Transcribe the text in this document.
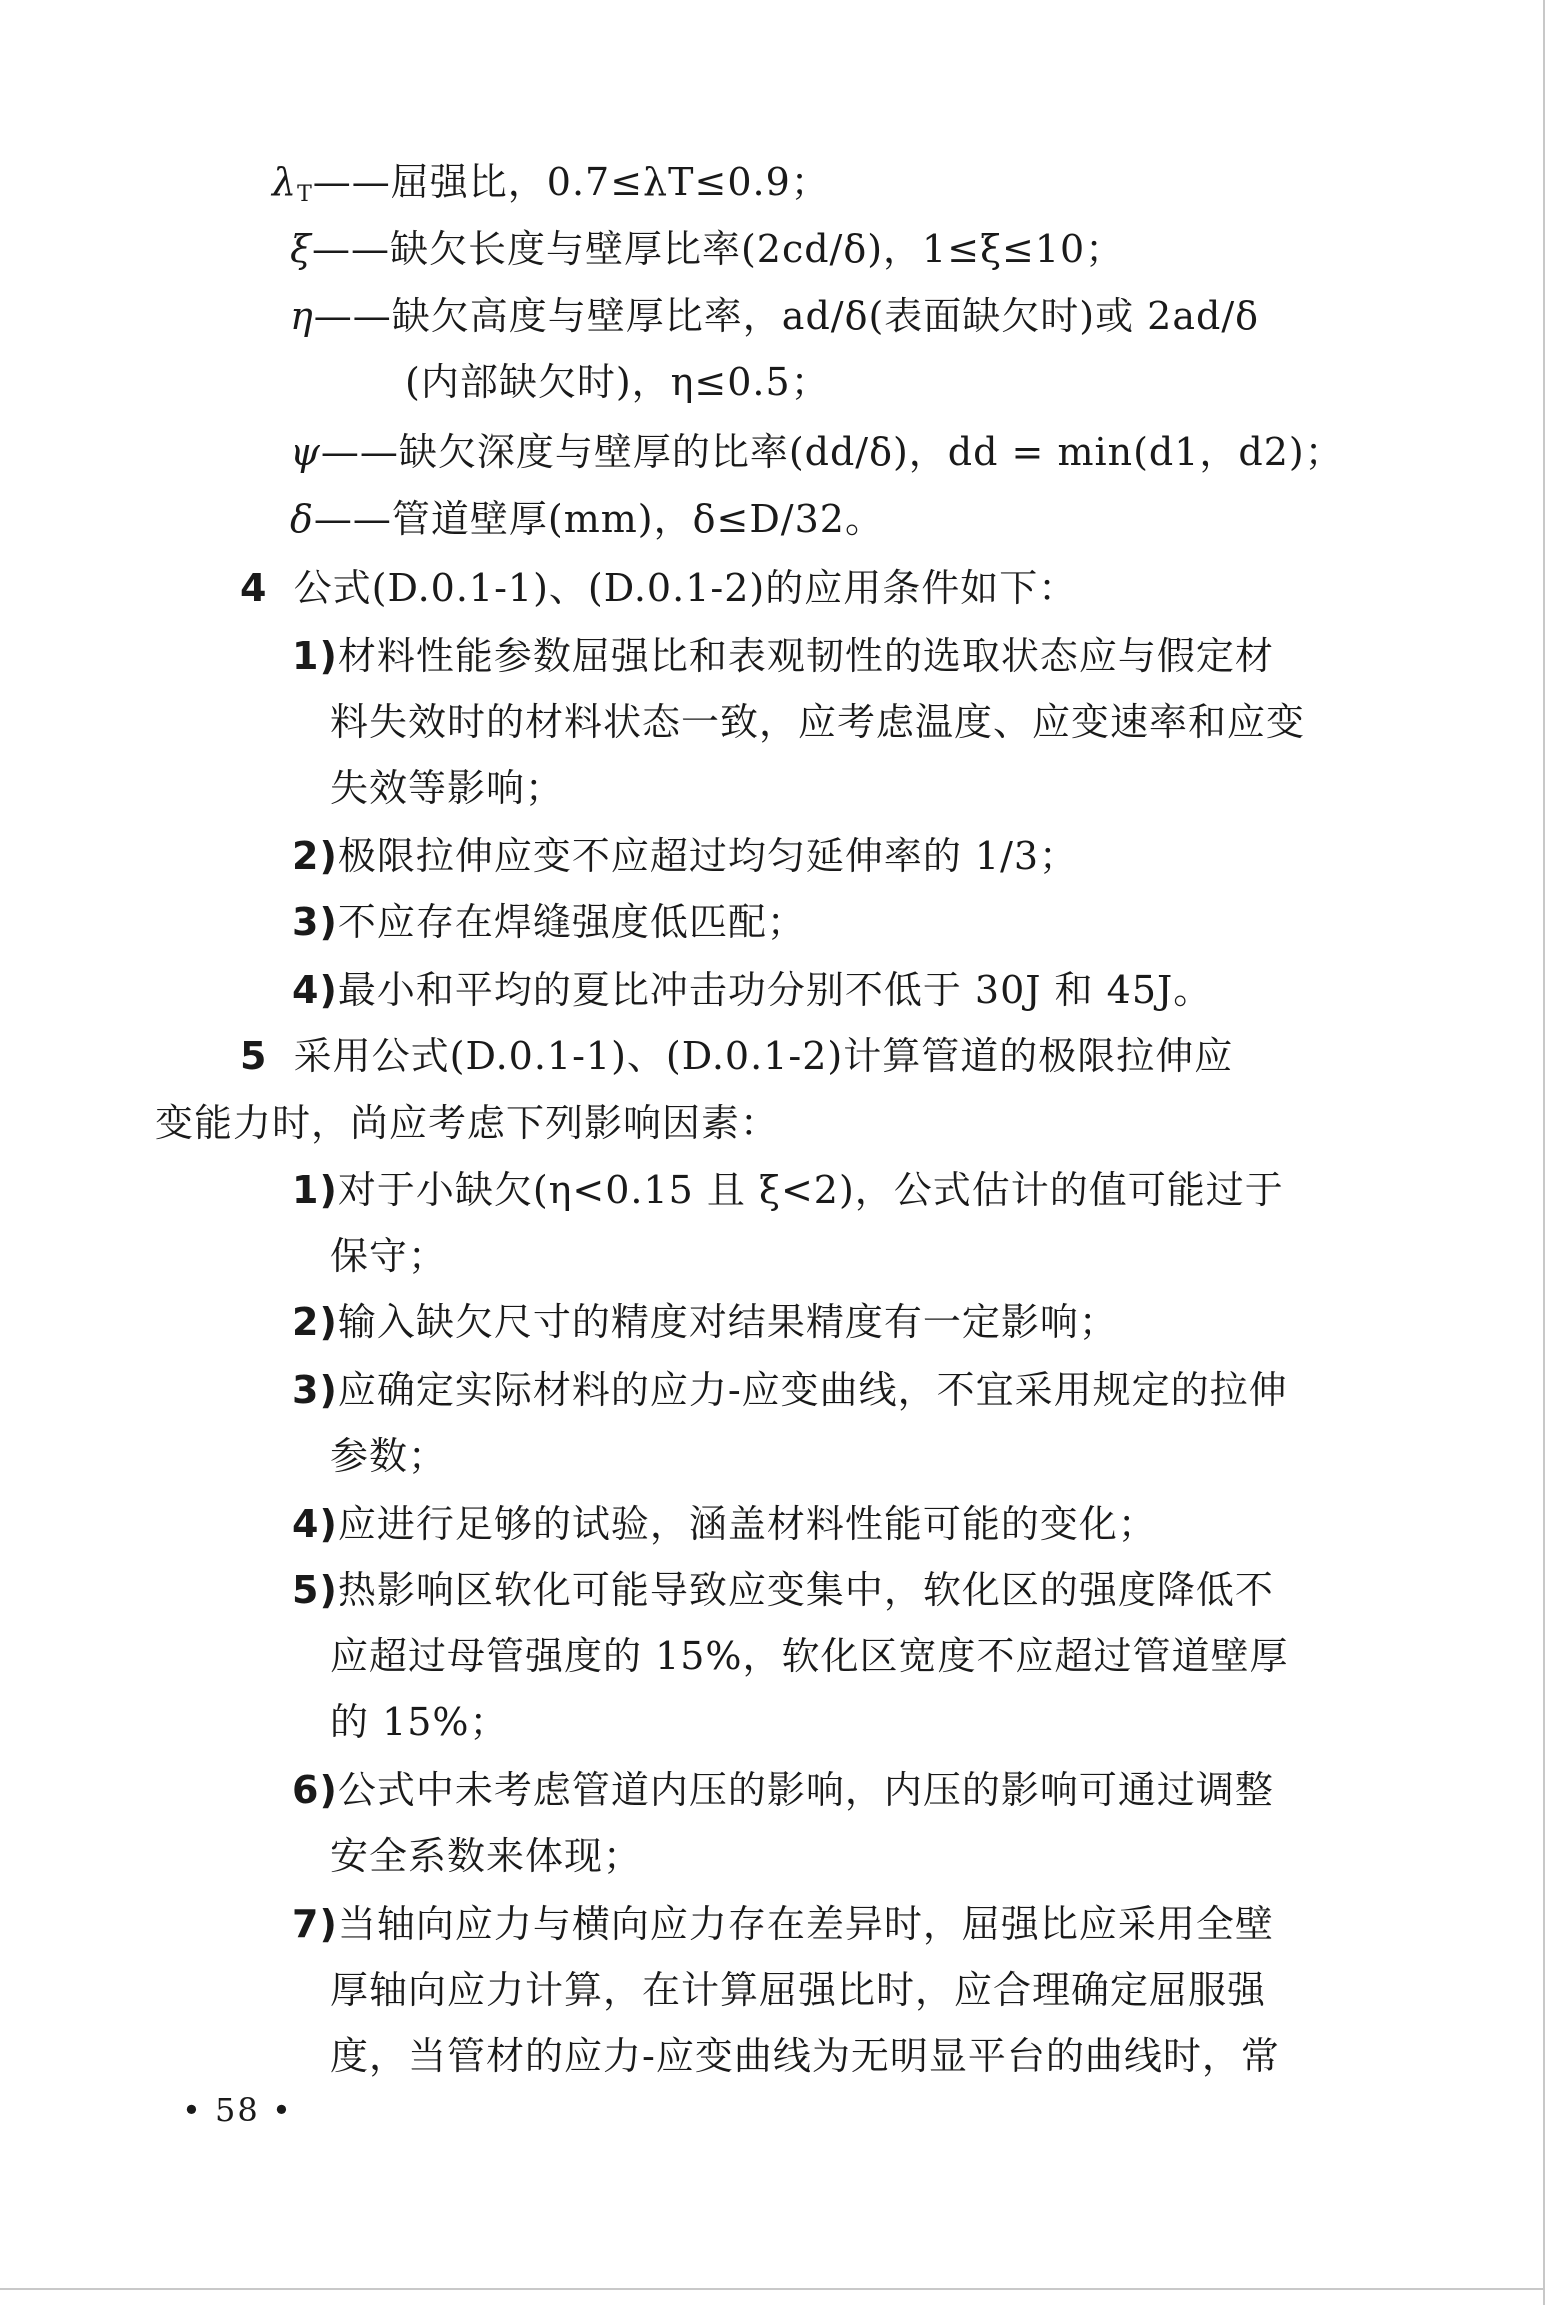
$\lambda_T——$屈强比，0.7≤λT≤0.9；
ξ——缺欠长度与壁厚比率(2cd/δ)，1≤ξ≤10；
η——缺欠高度与壁厚比率，ad/δ(表面缺欠时)或 2ad/δ
(内部缺欠时)，η≤0.5；
ψ——缺欠深度与壁厚的比率(dd/δ)，dd = min(d1，d2)；
δ——管道壁厚(mm)，δ≤D/32。
4 公式(D.0.1-1)、(D.0.1-2)的应用条件如下：
1)材料性能参数屈强比和表观韧性的选取状态应与假定材
料失效时的材料状态一致，应考虑温度、应变速率和应变
失效等影响；
2)极限拉伸应变不应超过均匀延伸率的 1/3；
3)不应存在焊缝强度低匹配；
4)最小和平均的夏比冲击功分别不低于 30J 和 45J。
5 采用公式(D.0.1-1)、(D.0.1-2)计算管道的极限拉伸应
变能力时，尚应考虑下列影响因素：
1)对于小缺欠(η<0.15 且 ξ<2)，公式估计的值可能过于
保守；
2)输入缺欠尺寸的精度对结果精度有一定影响；
3)应确定实际材料的应力-应变曲线，不宜采用规定的拉伸
参数；
4)应进行足够的试验，涵盖材料性能可能的变化；
5)热影响区软化可能导致应变集中，软化区的强度降低不
应超过母管强度的 15%，软化区宽度不应超过管道壁厚
的 15%；
6)公式中未考虑管道内压的影响，内压的影响可通过调整
安全系数来体现；
7)当轴向应力与横向应力存在差异时，屈强比应采用全壁
厚轴向应力计算，在计算屈强比时，应合理确定屈服强
度，当管材的应力-应变曲线为无明显平台的曲线时，常
• 58 •
